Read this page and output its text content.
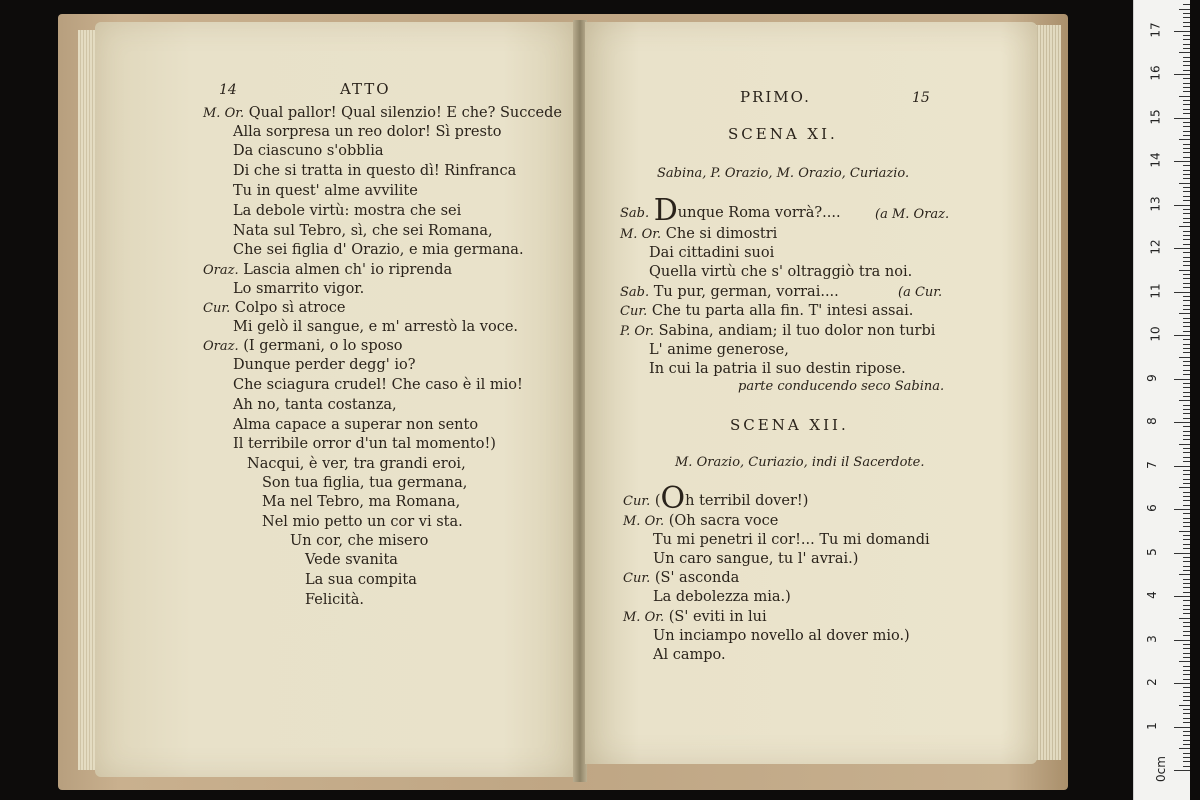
14	ATTO
M. Or. Qual pallor! Qual silenzio! E che? Succede
Alla sorpresa un reo dolor! Sì presto
Da ciascuno s'obblia
Di che si tratta in questo dì! Rinfranca
Tu in quest' alme avvilite
La debole virtù: mostra che sei
Nata sul Tebro, sì, che sei Romana,
Che sei figlia d' Orazio, e mia germana.
Oraz. Lascia almen ch' io riprenda
Lo smarrito vigor.
Cur. Colpo sì atroce
Mi gelò il sangue, e m' arrestò la voce.
Oraz. (I germani, o lo sposo
Dunque perder degg' io?
Che sciagura crudel! Che caso è il mio!
Ah no, tanta costanza,
Alma capace a superar non sento
Il terribile orror d'un tal momento!)
Nacqui, è ver, tra grandi eroi,
Son tua figlia, tua germana,
Ma nel Tebro, ma Romana,
Nel mio petto un cor vi sta.
Un cor, che misero
Vede svanita
La sua compita
Felicità.
PRIMO.	15
SCENA XI.
Sabina, P. Orazio, M. Orazio, Curiazio.
Sab. Dunque Roma vorrà?....	(a M. Oraz.
M. Or. Che si dimostri
Dai cittadini suoi
Quella virtù che s' oltraggiò tra noi.
Sab. Tu pur, german, vorrai....	(a Cur.
Cur. Che tu parta alla fin. T' intesi assai.
P. Or. Sabina, andiam; il tuo dolor non turbi
L' anime generose,
In cui la patria il suo destin ripose.
parte conducendo seco Sabina.
SCENA XII.
M. Orazio, Curiazio, indi il Sacerdote.
Cur. (Oh terribil dover!)
M. Or. (Oh sacra voce
Tu mi penetri il cor!... Tu mi domandi
Un caro sangue, tu l' avrai.)
Cur. (S' asconda
La debolezza mia.)
M. Or. (S' eviti in lui
Un inciampo novello al dover mio.)
Al campo.
0cm
1
2
3
4
5
6
7
8
9
10
11
12
13
14
15
16
17
